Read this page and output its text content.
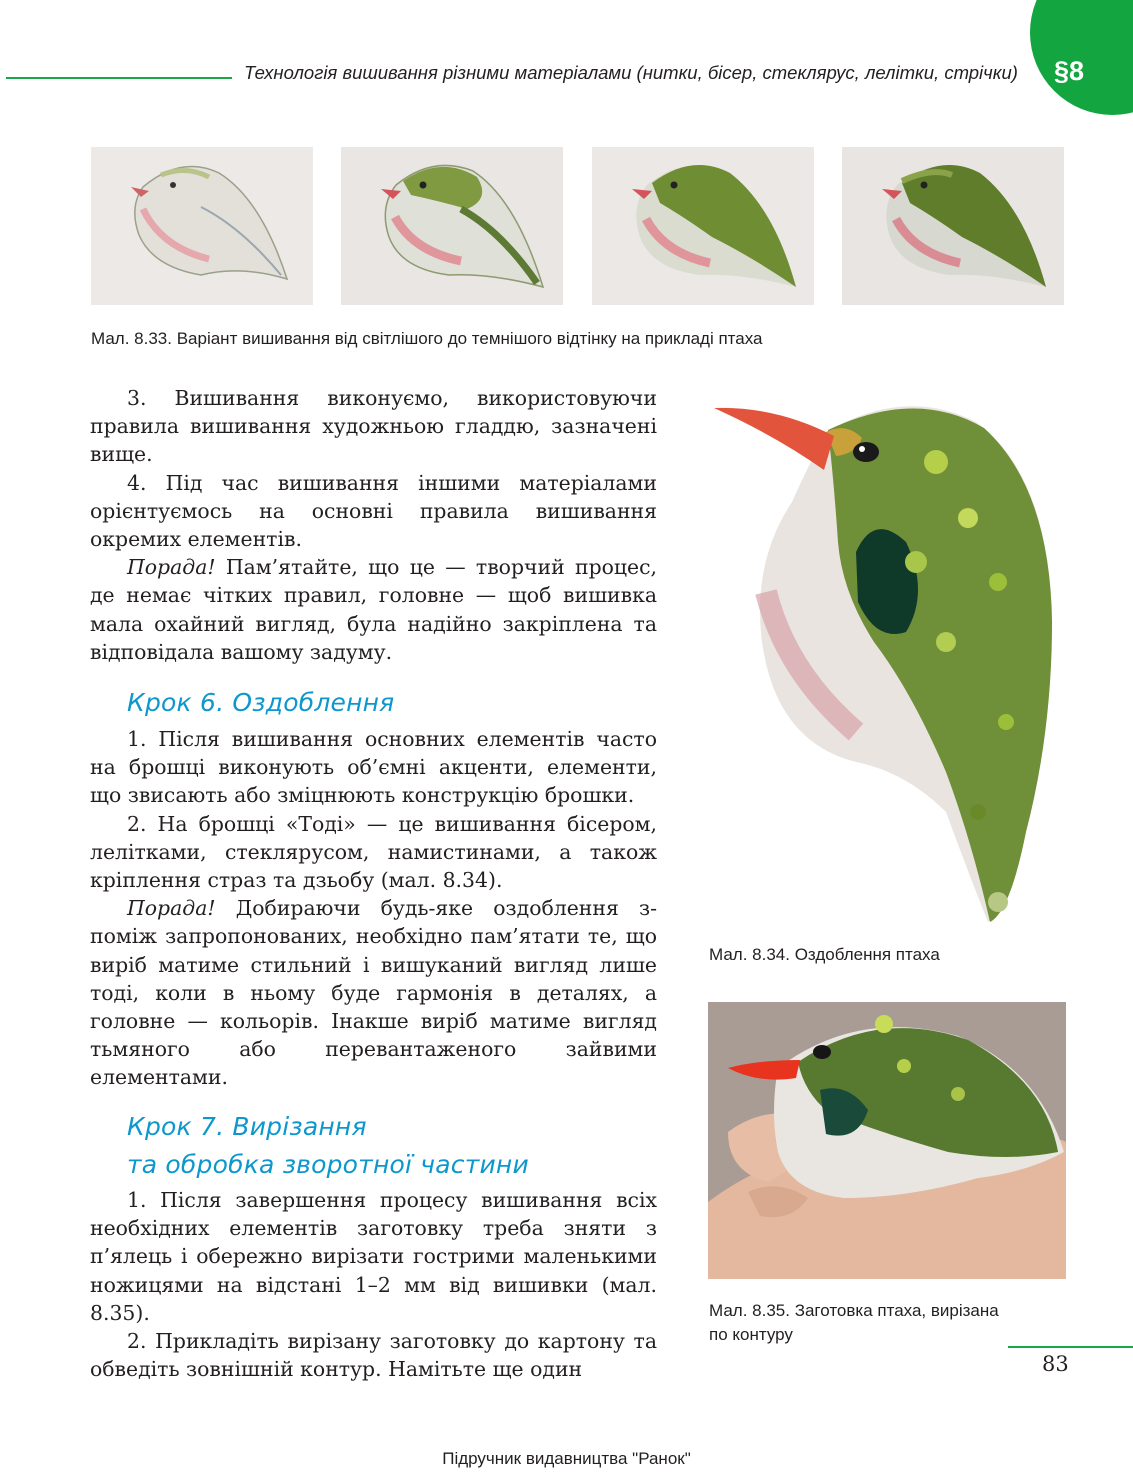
Технологія вишивання різними матеріалами (нитки, бісер, стеклярус, лелітки, стрічки)	§8
Мал. 8.33. Варіант вишивання від світлішого до темнішого відтінку на прикладі птаха

3. Вишивання виконуємо, використовуючи правила вишивання художньою гладдю, зазначені вище.

4. Під час вишивання іншими матеріалами орієнтуємось на основні правила вишивання окремих елементів.

Порада! Пам’ятайте, що це — творчий процес, де немає чітких правил, головне — щоб вишивка мала охайний вигляд, була надійно закріплена та відповідала вашому задуму.

Крок 6. Оздоблення

1. Після вишивання основних елементів часто на брошці виконують об’ємні акценти, елементи, що звисають або зміцнюють конструкцію брошки.

2. На брошці «Тоді» — це вишивання бісером, лелітками, стеклярусом, намистинами, а також кріплення страз та дзьобу (мал. 8.34).

Порада! Добираючи будь-яке оздоблення з-поміж запропонованих, необхідно пам’ятати те, що виріб матиме стильний і вишуканий вигляд лише тоді, коли в ньому буде гармонія в деталях, а головне — кольорів. Інакше виріб матиме вигляд тьмяного або перевантаженого зайвими елементами.

Крок 7. Вирізання
та обробка зворотної частини

1. Після завершення процесу вишивання всіх необхідних елементів заготовку треба зняти з п’ялець і обережно вирізати гострими маленькими ножицями на відстані 1–2 мм від вишивки (мал. 8.35).

2. Прикладіть вирізану заготовку до картону та обведіть зовнішній контур. Намітьте ще один

Мал. 8.34. Оздоблення птаха
Мал. 8.35. Заготовка птаха, вирізана
по контуру
83
Підручник видавництва "Ранок"
